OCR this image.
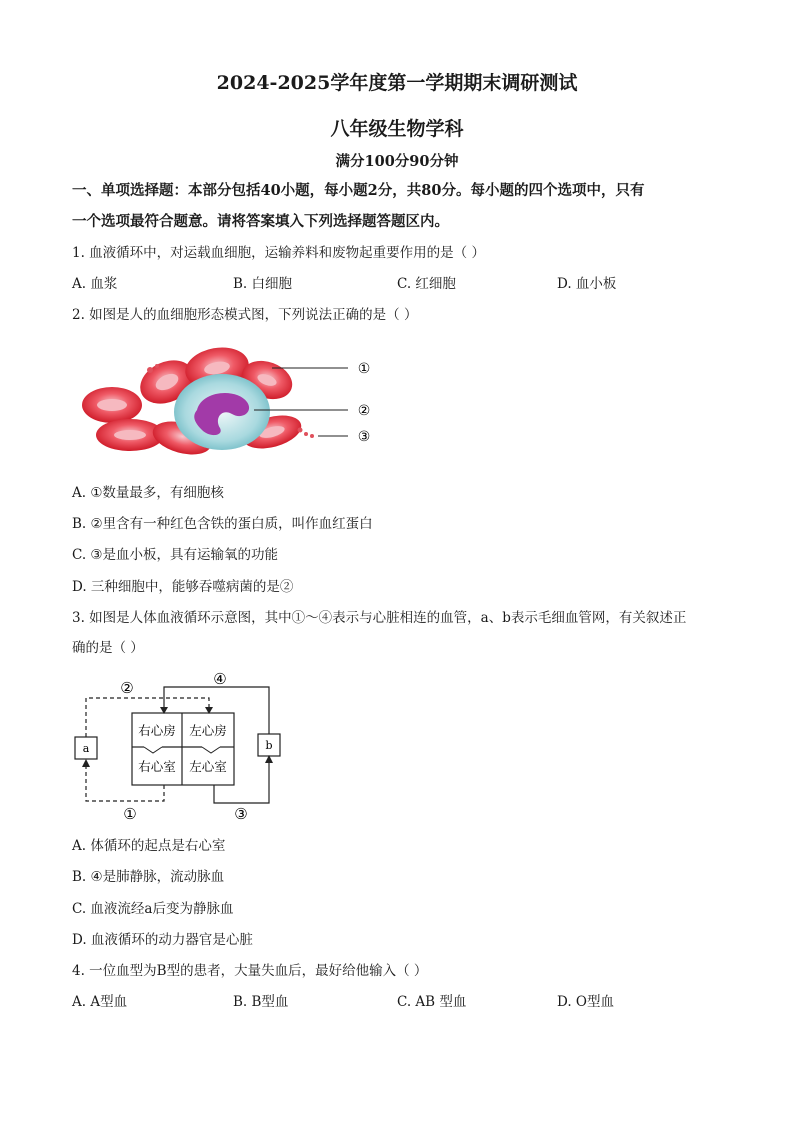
2024-2025学年度第一学期期末调研测试
八年级生物学科
满分100分90分钟
一、单项选择题：本部分包括40小题，每小题2分，共80分。每小题的四个选项中，只有
一个选项最符合题意。请将答案填入下列选择题答题区内。
1. 血液循环中，对运载血细胞，运输养料和废物起重要作用的是（ ）
A. 血浆	B. 白细胞	C. 红细胞	D. 血小板
2. 如图是人的血细胞形态模式图，下列说法正确的是（ ）
①
②
③
A. ①数量最多，有细胞核
B. ②里含有一种红色含铁的蛋白质，叫作血红蛋白
C. ③是血小板，具有运输氧的功能
D. 三种细胞中，能够吞噬病菌的是②
3. 如图是人体血液循环示意图，其中①～④表示与心脏相连的血管，a、b表示毛细血管网，有关叙述正
确的是（ ）
右心房 左心房
右心室 左心室
a	b
②	④
①	③
A. 体循环的起点是右心室
B. ④是肺静脉，流动脉血
C. 血液流经a后变为静脉血
D. 血液循环的动力器官是心脏
4. 一位血型为B型的患者，大量失血后，最好给他输入（ ）
A. A型血	B. B型血	C. AB 型血	D. O型血
